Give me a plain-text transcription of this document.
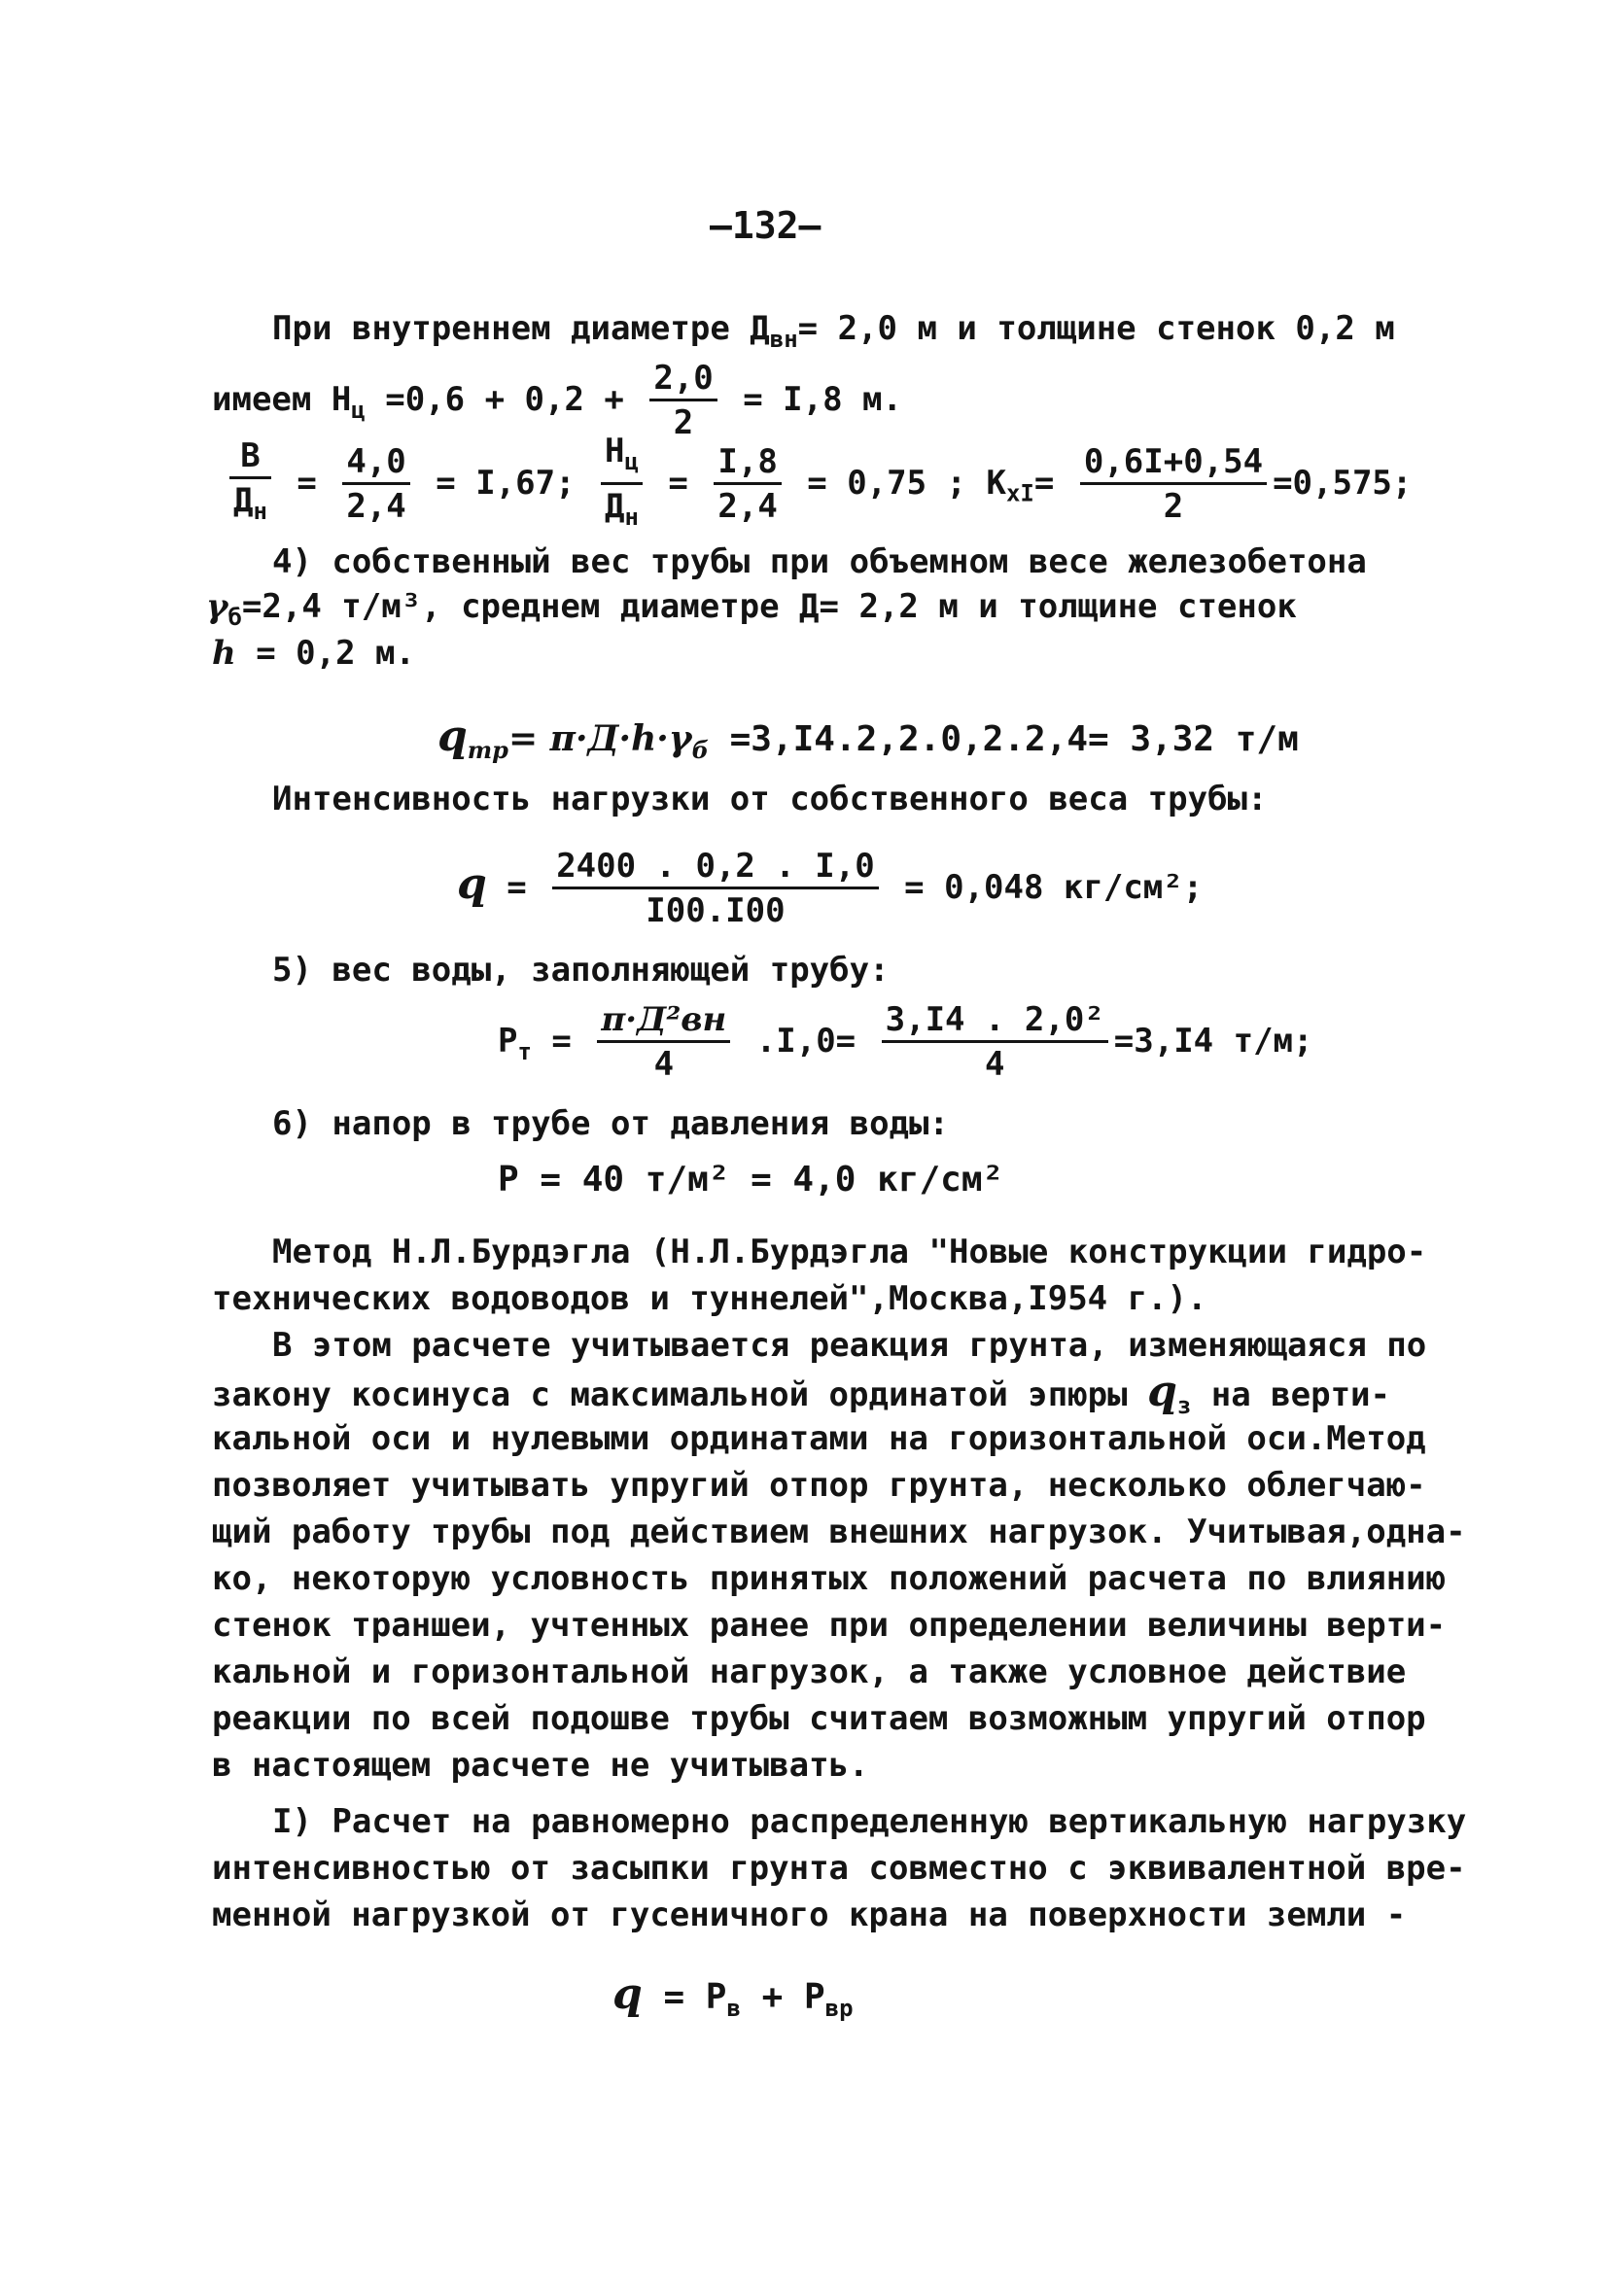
—132—
При внутреннем диаметре $Д_{вн}= 2,0$ м и толщине стенок 0,2 м
имеем $Н_ц =0,6 + 0,2 + \frac{2,0}{2} = I,8$ м.
$\frac{В}{Д_н} = \frac{4,0}{2,4} = I,67$; $\frac{Н_ц}{Д_н} = \frac{I,8}{2,4} = 0,75$ ; $К_{хI}= \frac{0,6I+0,54}{2} =0,575$;
4) собственный вес трубы при объемном весе железобетона
$\gamma_б=2,4$ т/м³, среднем диаметре Д= 2,2 м и толщине стенок
h = 0,2 м.
$q_{тр}= \pi\cdot Д\cdot h\cdot\gamma_б =3,I4.2,2.0,2.2,4= 3,32$ т/м
Интенсивность нагрузки от собственного веса трубы:
$q = \frac{2400 . 0,2 . I,0}{I00.I00} = 0,048$ кг/см²;
5) вес воды, заполняющей трубу:
$Р_т = \frac{\text{π·Д²вн}}{4} .I,0= \frac{\text{3,I4 . 2,0²}}{4} =3,I4$ т/м;
6) напор в трубе от давления воды:
Р = 40 т/м² = 4,0 кг/см²
Метод Н.Л.Бурдэгла (Н.Л.Бурдэгла "Новые конструкции гидро-
технических водоводов и туннелей",Москва,I954 г.).
В этом расчете учитывается реакция грунта, изменяющаяся по
закону косинуса с максимальной ординатой эпюры $q_з$ на верти-
кальной оси и нулевыми ординатами на горизонтальной оси.Метод
позволяет учитывать упругий отпор грунта, несколько облегчаю-
щий работу трубы под действием внешних нагрузок. Учитывая,одна-
ко, некоторую условность принятых положений расчета по влиянию
стенок траншеи, учтенных ранее при определении величины верти-
кальной и горизонтальной нагрузок, а также условное действие
реакции по всей подошве трубы считаем возможным упругий отпор
в настоящем расчете не учитывать.
I) Расчет на равномерно распределенную вертикальную нагрузку
интенсивностью от засыпки грунта совместно с эквивалентной вре-
менной нагрузкой от гусеничного крана на поверхности земли -
$q = Р_в + Р_{вр}$
